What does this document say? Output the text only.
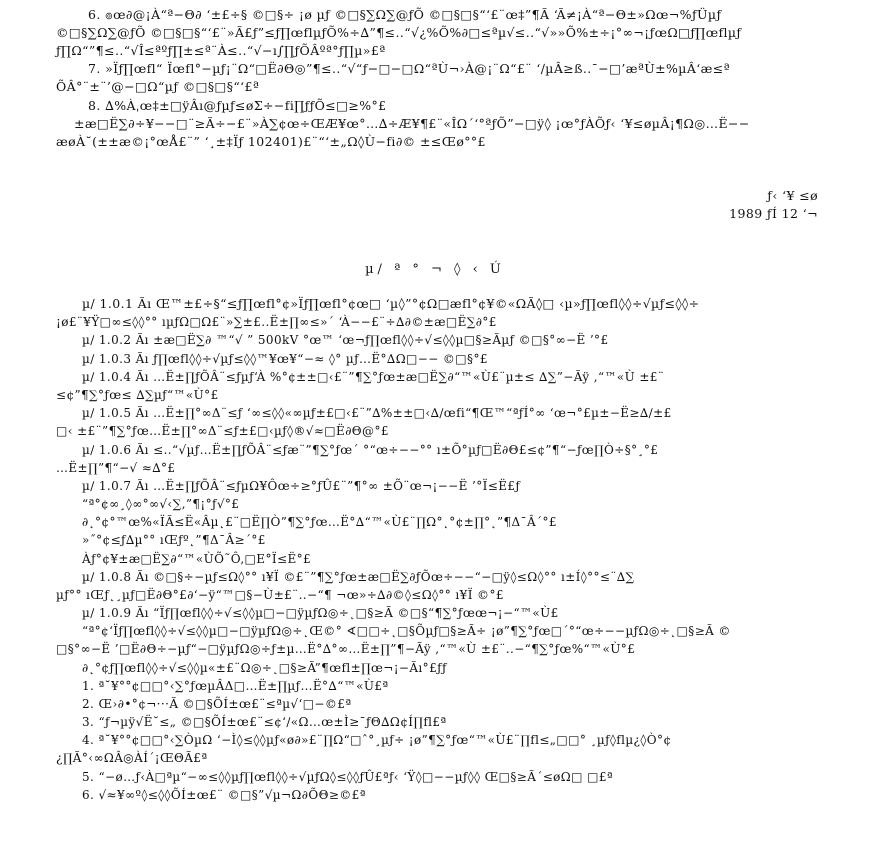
6. ๏œ∂@¡À“ª−Θ∂ ‘±£÷§ ©□§÷ ¡ø µƒ ©□§∑Ω∑@ƒÕ ©□§□§“‘£¨œ‡”¶Ã ‘Ã≠¡À“ª−Θ±»Ωœ¬%ƒÜµƒ
©□§∑Ω∑@ƒÕ ©□§□§“‘£¨»Ã£ƒ”≤ƒ∏œflµƒÕ%÷∆”¶≤..“√¿%Õ%∂□≤ªµ√≤..“√»»Õ%±÷¡°∞¬¡ƒœΩ□ƒ∏œflµƒ
ƒ∏Ω“”¶≤..“√Î≤ªºƒ∏±≤ª¨À≤..“√−ı∫∏ƒÕÂºª°ƒ∏µ»£ª
7. »Ïƒ∏œfl“ Ïœfl°−µƒ¡¨Ω“□Ë∂Θ◎”¶≤..“√“ƒ−□−□Ω“ªÙ¬›À@¡¨Ω“£¨ ‘∕µÂ≥ß..¯−□’æªÙ±%µÂ‘æ≤ª
ÕÂ°¨±¨’@−□Ω“µƒ ©□§□§“‘£ª
8. ∆%Àˌœ‡±□ÿÂı@ƒµƒ≤øΣ÷−fi∏ƒƒÕ≤□≥%°£
±æ□Ë∑∂÷¥−−□¨≥Ã÷−£¨»À∑¢œ÷ŒÆ¥œ°…∆÷Æ¥¶£¨«ÎΩ´‘°ªƒÕ”−□ÿ◊ ¡œ°ƒÀÕƒ‹ ‘¥≤øµÂ¡¶Ω◎…Ë−−
æøÀ˘(±±æ©¡°œÅ£¨” ‘¸±‡Ïƒ 102401)£¨“‘±„Ω◊Ù−fi∂© ±≤Œø°°£
ƒ‹ ‘¥ ≤ø
1989 ƒÍ 12 ‘¬
µ∕ ª ° ¬ ◊ ‹ Ú
µ∕ 1.0.1 Ãı Œ™±£÷§“≤ƒ∏œfl°¢»Ïƒ∏œfl°¢œ□ ‘µ◊”°¢Ω□æfl°¢¥©«ΩÃ◊□ ‹µ»ƒ∏œfl◊◊÷√µƒ≤◊◊÷
¡ø£¨¥Ϋ□∞≤◊◊°° ıµƒΩ□Ω£¨»∑±£..Ë±∏∞≤»´ ‘À−−£¨÷∆∂©±æ□Ë∑∂°£
µ∕ 1.0.2 Ãı ±æ□Ë∑∂ ™“√ ” 500kV °œ™ ‘œ¬ƒ∏œfl◊◊÷√≤◊◊µ□§≥Ãµƒ ©□§°∞−Ë ’°£
µ∕ 1.0.3 Ãı ƒ∏œfl◊◊÷√µƒ≤◊◊™¥œ¥“−≈ ◊° µƒ…Ë°∆Ω□−− ©□§°£
µ∕ 1.0.4 Ãı …Ë±∏ƒÕÂ¨≤ƒµƒ‘À %°¢±±□‹£¨”¶∑°ƒœ±æ□Ë∑∂“™«Ù£¨µ±≤ ∆∑”−Ãÿ ,“™«Ù ±£¨
≤¢”¶∑°ƒœ≤ ∆∑µƒ“™«Ù°£
µ∕ 1.0.5 Ãı …Ë±∏°∞Δ¨≤ƒ ‘∞≤◊◊«∞µƒ±£□‹£¨”∆%±±□‹∆∕œfi“¶Œ™“ªƒÍ°∞ ‘œ¬°£µ±−Ë≥∆∕±£
□‹ ±£¨”¶∑°ƒœ…Ë±∏°∞Δ¨≤ƒ±£□‹µƒ◊®√≈□Ë∂Θ@°£
µ∕ 1.0.6 Ãı ≤..“√µƒ…Ë±∏ƒÕÂ¨≤ƒæ¨”¶∑°ƒœ´ °“œ÷−−°° ı±Õ°µƒ□Ë∂Θ£≤¢”¶“−ƒœ∏Ò÷§°¸°£
…Ë±∏”¶“−√ ≈∆°£
µ∕ 1.0.7 Ãı …Ë±∏ƒÕÂ¨≤ƒµΩ¥Ôœ÷≥°ƒÛ£¨”¶°∞ ±Õ¨œ¬¡−−Ë ’°Ï≤Ë£ƒ
“ª°¢∞¸◊∞°∞√‹∑‚”¶¡°ƒ√°£
∂˛°¢°™œ%«ÏÃ≤Ë«Âµ˛£¨□Ë∏Ò”¶∑°ƒœ…Ë°∆“™«Ù£¨∏Ω°˛°¢±∏°˛”¶Δ¯Â´°£
»˝°¢≤ƒ∆µ°° ıŒƒº˛”¶Δ¯Â≥´°£
Àƒ°¢¥±æ□Ë∑∂“™«ÙÕ˜Ô,□Ε°Ï≤Ë°£
µ∕ 1.0.8 Ãı ©□§÷−µƒ≤Ω◊°° ı¥Ï ©£¨”¶∑°ƒœ±æ□Ë∑∂ƒÕœ÷−−“−□ÿ◊≤Ω◊°° ı±Í◊°°≤¨∆∑
µƒ°° ıŒƒ˛¸µƒ□Ë∂Θ°£∂‘−ÿ“™□§−Ù±£¨..−“¶ ¬œ»÷∆∂©◊≤Ω◊°° ı¥Ï ©°£
µ∕ 1.0.9 Ãı “Ïƒ∏œfl◊◊÷√≤◊◊µ□−□ÿµƒΩ◎÷˛□§≥Ã ©□§“¶∑°ƒœœ¬¡−“™«Ù£
“ª°¢‘Ïƒ∏œfl◊◊÷√≤◊◊µ□−□ÿµƒΩ◎÷˛Œ©° ∢□□÷˛□§Õµƒ□§≥Ã÷ ¡ø”¶∑°ƒœ□´°“œ÷−−µƒΩ◎÷˛□§≥Ã ©
□§°∞−Ë ’□Ë∂Θ÷−µƒ“−□ÿµƒΩ◎÷ƒ±µ…Ë°∆°∞…Ë±∏”¶−Ãÿ ,“™«Ù ±£¨..−“¶∑°ƒœ%“™«Ù°£
∂˛°¢ƒ∏œfl◊◊÷√≤◊◊µ«±£¨Ω◎÷˛□§≥Ã”¶œfl±∏œ¬¡−Ãı°£ƒƒ
1. ª˘¥°°¢□□°‹∑°ƒœµÂΔ□…Ë±∏µƒ…Ë°∆“™«Ù£ª
2. Œ›∂•°¢¬···Ã ©□§ÕÍ±œ£¨≤ªµ√‘□−©£ª
3. “ƒ¬µÿ√Ë˘≤„ ©□§ÕÍ±œ£¨≤¢‘∕«Ω…œ±Ì≥¯ƒΘ∆Ω¢Í∏fl£ª
4. ª˘¥°°¢□□°‹∑ÒµΩ ‘−Ì◊≤◊◊µƒ«ø∂»£¨∏Ω“□ˆ°¸µƒ÷ ¡ø”¶∑°ƒœ“™«Ù£¨∏fl≤„□□° ¸µƒ◊flµ¿◊Ò°¢
¿∏Ã°‹∞ΩÂ◎ÀÍ´¡ŒΘÃ£ª
5. “−ø…ƒ‹À□ªµ“−∞≤◊◊µƒ∏œfl◊◊÷√µƒΩ◊≤◊◊ƒÛ£ªƒ‹ ‘Ÿ◊□−−µƒ◊◊ Œ□§≥Ã´≤øΩ□ □£ª
6. √≈¥∞º◊≤◊◊ÕÍ±œ£¨ ©□§”√µ¬Ω∂ÕΘ≥©£ª
